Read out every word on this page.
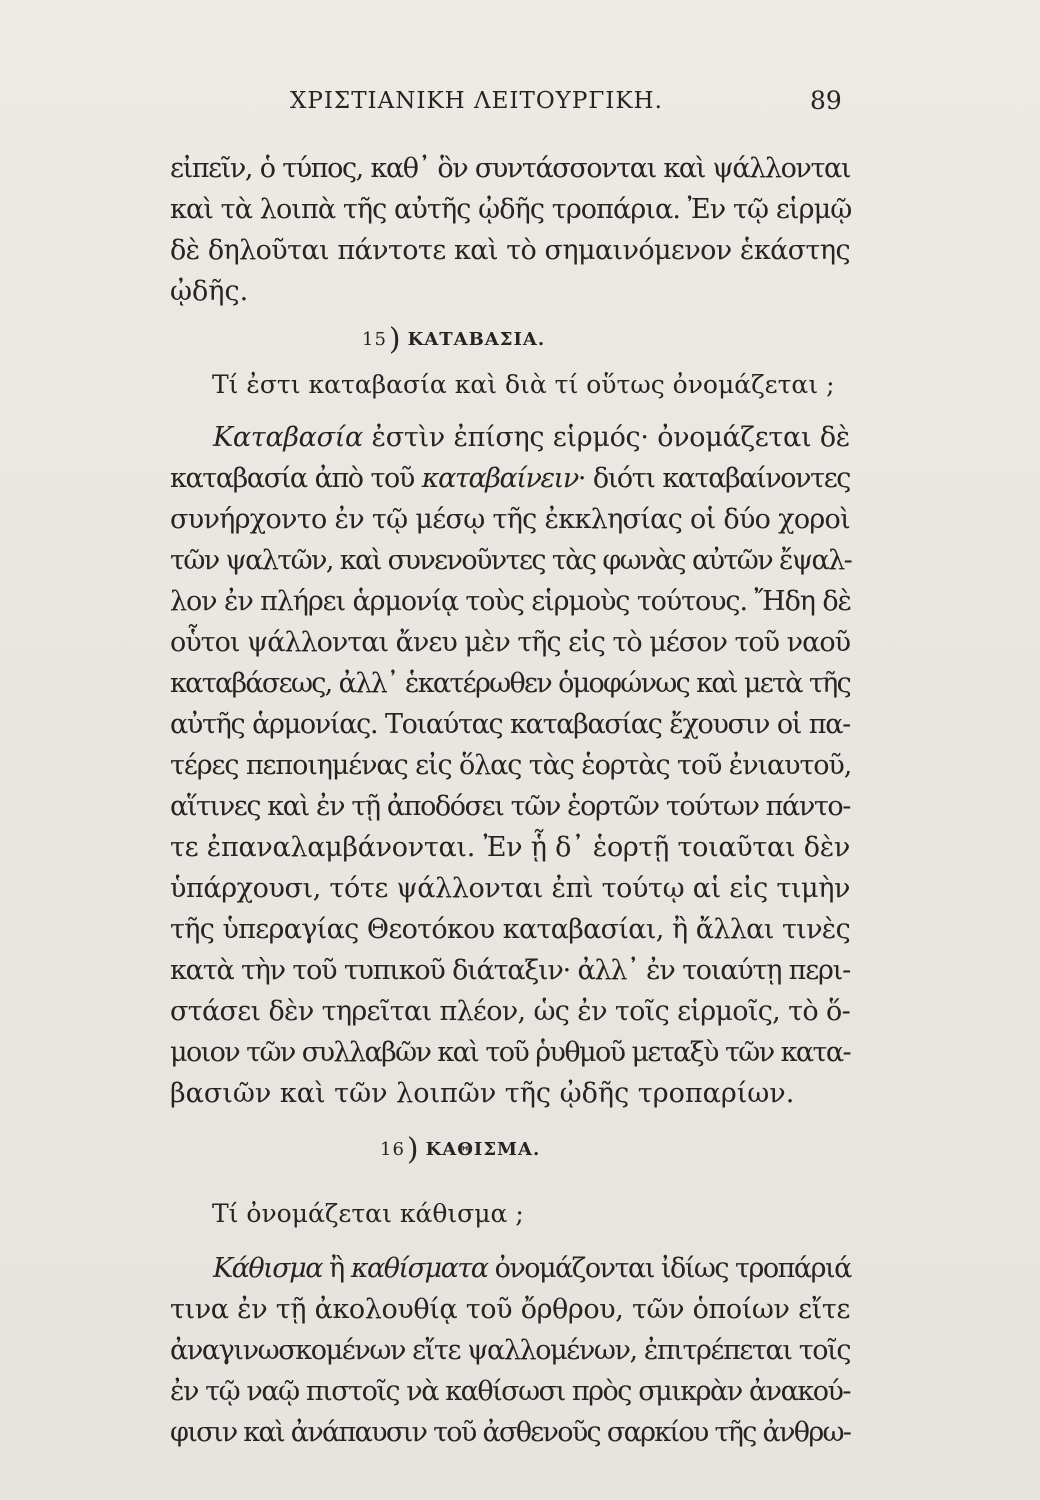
ΧΡΙΣΤΙΑΝΙΚΗ ΛΕΙΤΟΥΡΓΙΚΗ.	89
εἰπεῖν, ὁ τύπος, καθ᾽ ὃν συντάσσονται καὶ ψάλλονται
καὶ τὰ λοιπὰ τῆς αὐτῆς ᾠδῆς τροπάρια. Ἐν τῷ εἱρμῷ
δὲ δηλοῦται πάντοτε καὶ τὸ σημαινόμενον ἑκάστης
ᾠδῆς.
15) ΚΑΤΑΒΑΣΙΑ.
Τί ἐστι καταβασία καὶ διὰ τί οὕτως ὀνομάζεται ;
Καταβασία ἐστὶν ἐπίσης εἱρμός· ὀνομάζεται δὲ
καταβασία ἀπὸ τοῦ καταβαίνειν· διότι καταβαίνοντες
συνήρχοντο ἐν τῷ μέσῳ τῆς ἐκκλησίας οἱ δύο χοροὶ
τῶν ψαλτῶν, καὶ συνενοῦντες τὰς φωνὰς αὐτῶν ἔψαλ-
λον ἐν πλήρει ἁρμονίᾳ τοὺς εἱρμοὺς τούτους. Ἤδη δὲ
οὗτοι ψάλλονται ἄνευ μὲν τῆς εἰς τὸ μέσον τοῦ ναοῦ
καταβάσεως, ἀλλ᾽ ἑκατέρωθεν ὁμοφώνως καὶ μετὰ τῆς
αὐτῆς ἁρμονίας. Τοιαύτας καταβασίας ἔχουσιν οἱ πα-
τέρες πεποιημένας εἰς ὅλας τὰς ἑορτὰς τοῦ ἐνιαυτοῦ,
αἵτινες καὶ ἐν τῇ ἀποδόσει τῶν ἑορτῶν τούτων πάντο-
τε ἐπαναλαμβάνονται. Ἐν ᾗ δ᾽ ἑορτῇ τοιαῦται δὲν
ὑπάρχουσι, τότε ψάλλονται ἐπὶ τούτῳ αἱ εἰς τιμὴν
τῆς ὑπεραγίας Θεοτόκου καταβασίαι, ἢ ἄλλαι τινὲς
κατὰ τὴν τοῦ τυπικοῦ διάταξιν· ἀλλ᾽ ἐν τοιαύτῃ περι-
στάσει δὲν τηρεῖται πλέον, ὡς ἐν τοῖς εἱρμοῖς, τὸ ὅ-
μοιον τῶν συλλαβῶν καὶ τοῦ ῥυθμοῦ μεταξὺ τῶν κατα-
βασιῶν καὶ τῶν λοιπῶν τῆς ᾠδῆς τροπαρίων.
16) ΚΑΘΙΣΜΑ.
Τί ὀνομάζεται κάθισμα ;
Κάθισμα ἢ καθίσματα ὀνομάζονται ἰδίως τροπάριά
τινα ἐν τῇ ἀκολουθίᾳ τοῦ ὄρθρου, τῶν ὁποίων εἴτε
ἀναγινωσκομένων εἴτε ψαλλομένων, ἐπιτρέπεται τοῖς
ἐν τῷ ναῷ πιστοῖς νὰ καθίσωσι πρὸς σμικρὰν ἀνακού-
φισιν καὶ ἀνάπαυσιν τοῦ ἀσθενοῦς σαρκίου τῆς ἀνθρω-
